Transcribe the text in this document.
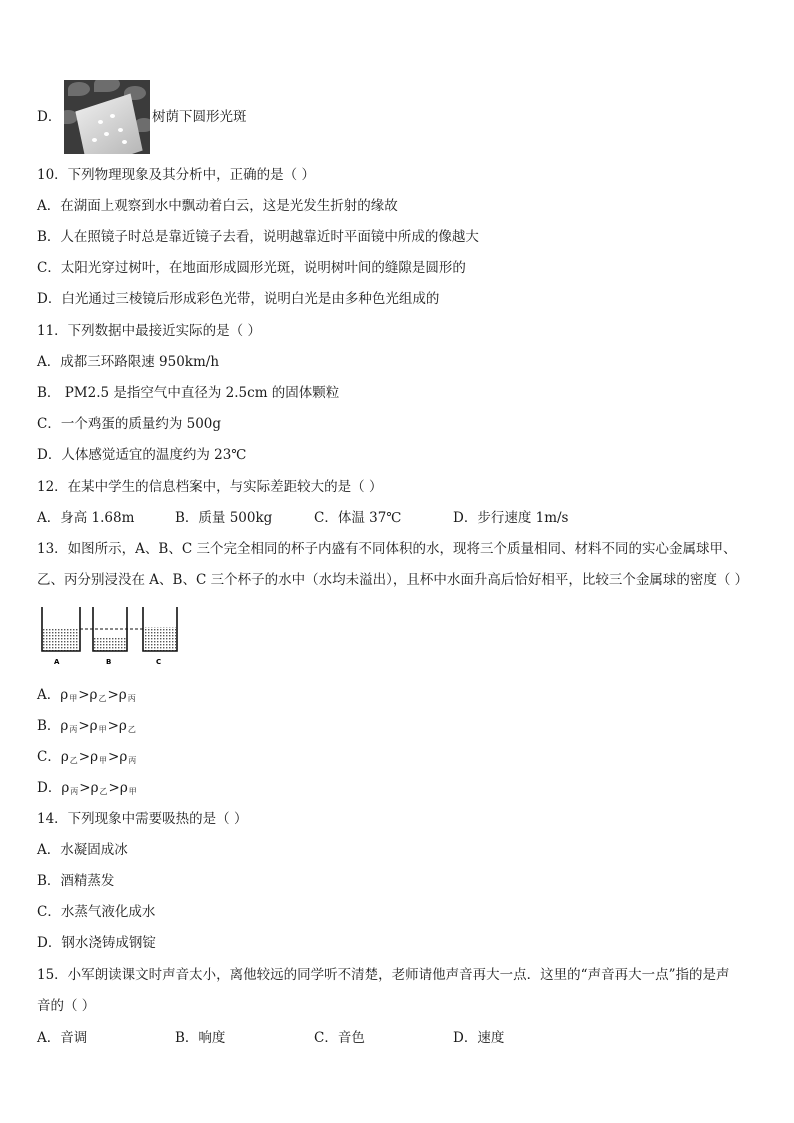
D．	树荫下圆形光斑
10．下列物理现象及其分析中，正确的是（ ）
A．在湖面上观察到水中飘动着白云，这是光发生折射的缘故
B．人在照镜子时总是靠近镜子去看，说明越靠近时平面镜中所成的像越大
C．太阳光穿过树叶，在地面形成圆形光斑，说明树叶间的缝隙是圆形的
D．白光通过三棱镜后形成彩色光带，说明白光是由多种色光组成的
11．下列数据中最接近实际的是（ ）
A．成都三环路限速 950km/h
B． PM2.5 是指空气中直径为 2.5cm 的固体颗粒
C．一个鸡蛋的质量约为 500g
D．人体感觉适宜的温度约为 23℃
12．在某中学生的信息档案中，与实际差距较大的是（ ）
A．身高 1.68m	B．质量 500kg	C．体温 37℃	D．步行速度 1m/s
13．如图所示，A、B、C 三个完全相同的杯子内盛有不同体积的水，现将三个质量相同、材料不同的实心金属球甲、
乙、丙分别浸没在 A、B、C 三个杯子的水中（水均未溢出），且杯中水面升高后恰好相平，比较三个金属球的密度（ ）
A	B	C
A．$\rho_甲>\rho_乙>\rho_丙$
B．$\rho_丙>\rho_甲>\rho_乙$
C．$\rho_乙>\rho_甲>\rho_丙$
D．$\rho_丙>\rho_乙>\rho_甲$
14．下列现象中需要吸热的是（ ）
A．水凝固成冰
B．酒精蒸发
C．水蒸气液化成水
D．钢水浇铸成钢锭
15．小军朗读课文时声音太小，离他较远的同学听不清楚，老师请他声音再大一点．这里的“声音再大一点”指的是声
音的（ ）
A．音调	B．响度	C．音色	D．速度
